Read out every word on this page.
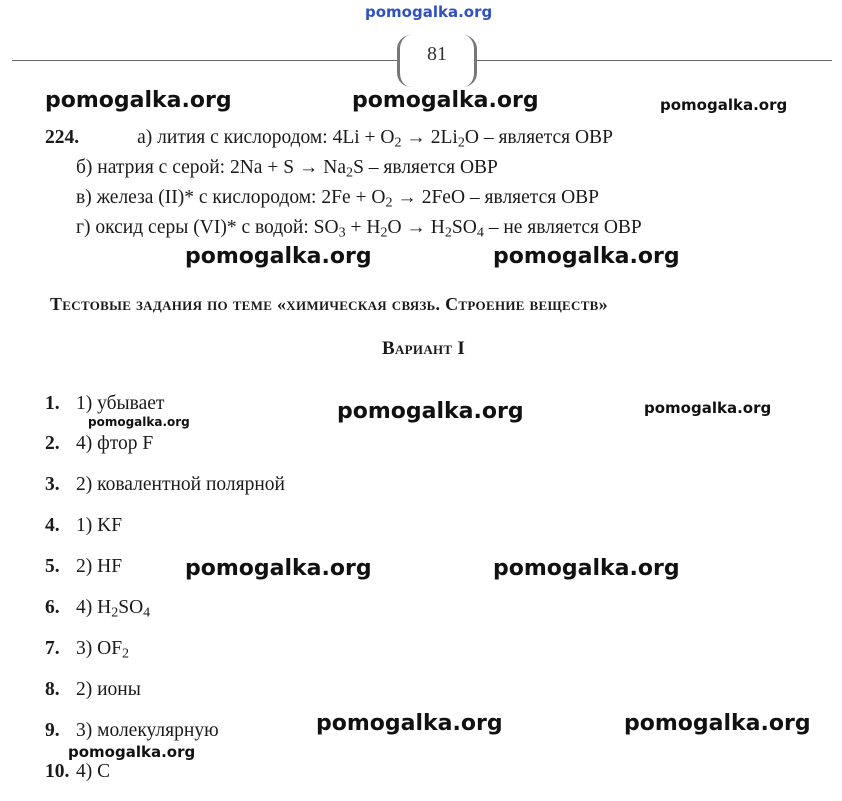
pomogalka.org
81
pomogalka.org	pomogalka.org	pomogalka.org
224.	а) лития с кислородом: $4Li + O_2 \to 2Li_2O$ – является ОВР
б) натрия с серой: $2Na + S \to Na_2S$ – является ОВР
в) железа (II)* с кислородом: $2Fe + O_2 \to 2FeO$ – является ОВР
г) оксид серы (VI)* с водой: $SO_3 + H_2O \to H_2SO_4$ – не является ОВР
pomogalka.org	pomogalka.org
Тестовые задания по теме «химическая связь. Строение веществ»
Вариант I
1. 1) убывает
pomogalka.org	pomogalka.org	pomogalka.org
2. 4) фтор F
3. 2) ковалентной полярной
4. 1) KF
5. 2) HF	pomogalka.org	pomogalka.org
6. 4) $H_2SO_4$
7. 3) $OF_2$
8. 2) ионы
9. 3) молекулярную	pomogalka.org	pomogalka.org
pomogalka.org
10. 4) C
